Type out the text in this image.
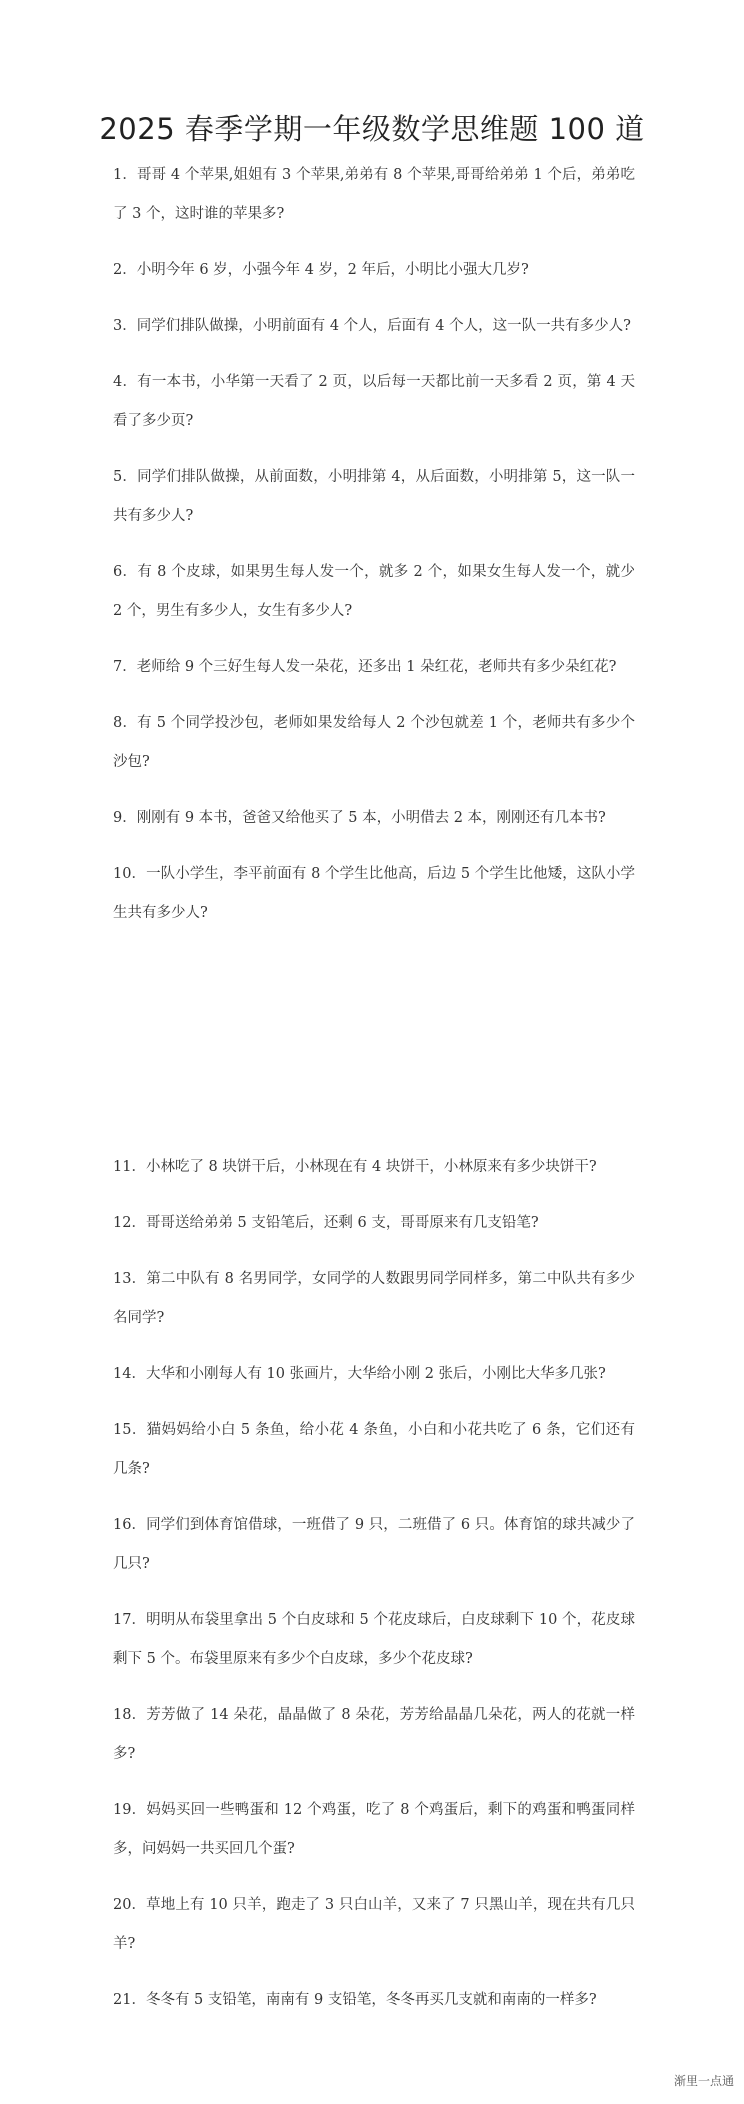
2025 春季学期一年级数学思维题 100 道
1．哥哥 4 个苹果,姐姐有 3 个苹果,弟弟有 8 个苹果,哥哥给弟弟 1 个后，弟弟吃了 3 个，这时谁的苹果多?
2．小明今年 6 岁，小强今年 4 岁，2 年后，小明比小强大几岁?
3．同学们排队做操，小明前面有 4 个人，后面有 4 个人，这一队一共有多少人?
4．有一本书，小华第一天看了 2 页，以后每一天都比前一天多看 2 页，第 4 天看了多少页?
5．同学们排队做操，从前面数，小明排第 4，从后面数，小明排第 5，这一队一共有多少人?
6．有 8 个皮球，如果男生每人发一个，就多 2 个，如果女生每人发一个，就少 2 个，男生有多少人，女生有多少人?
7．老师给 9 个三好生每人发一朵花，还多出 1 朵红花，老师共有多少朵红花?
8．有 5 个同学投沙包，老师如果发给每人 2 个沙包就差 1 个，老师共有多少个沙包?
9．刚刚有 9 本书，爸爸又给他买了 5 本，小明借去 2 本，刚刚还有几本书?
10．一队小学生，李平前面有 8 个学生比他高，后边 5 个学生比他矮，这队小学生共有多少人?
11．小林吃了 8 块饼干后，小林现在有 4 块饼干，小林原来有多少块饼干?
12．哥哥送给弟弟 5 支铅笔后，还剩 6 支，哥哥原来有几支铅笔?
13．第二中队有 8 名男同学，女同学的人数跟男同学同样多，第二中队共有多少名同学?
14．大华和小刚每人有 10 张画片，大华给小刚 2 张后，小刚比大华多几张?
15．猫妈妈给小白 5 条鱼，给小花 4 条鱼，小白和小花共吃了 6 条，它们还有几条?
16．同学们到体育馆借球，一班借了 9 只，二班借了 6 只。体育馆的球共减少了几只?
17．明明从布袋里拿出 5 个白皮球和 5 个花皮球后，白皮球剩下 10 个，花皮球剩下 5 个。布袋里原来有多少个白皮球，多少个花皮球?
18．芳芳做了 14 朵花，晶晶做了 8 朵花，芳芳给晶晶几朵花，两人的花就一样多?
19．妈妈买回一些鸭蛋和 12 个鸡蛋，吃了 8 个鸡蛋后，剩下的鸡蛋和鸭蛋同样多，问妈妈一共买回几个蛋?
20．草地上有 10 只羊，跑走了 3 只白山羊，又来了 7 只黑山羊，现在共有几只羊?
21．冬冬有 5 支铅笔，南南有 9 支铅笔，冬冬再买几支就和南南的一样多?
渐里一点通
